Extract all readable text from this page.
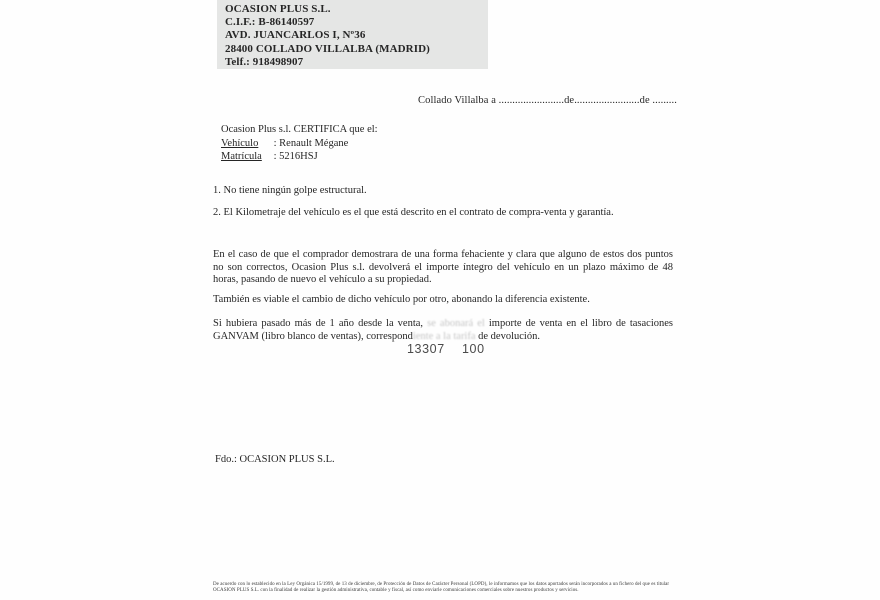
OCASION PLUS S.L.
C.I.F.: B-86140597
AVD. JUANCARLOS I, Nº36
28400 COLLADO VILLALBA (MADRID)
Telf.: 918498907
Collado Villalba a ........................de........................de .........
Ocasion Plus s.l. CERTIFICA que el:
Vehículo : Renault Mégane
Matrícula : 5216HSJ
1. No tiene ningún golpe estructural.
2. El Kilometraje del vehículo es el que está descrito en el contrato de compra-venta y garantía.
En el caso de que el comprador demostrara de una forma fehaciente y clara que alguno de estos dos puntos no son correctos, Ocasion Plus s.l. devolverá el importe íntegro del vehículo en un plazo máximo de 48 horas, pasando de nuevo el vehículo a su propiedad.
También es viable el cambio de dicho vehículo por otro, abonando la diferencia existente.
Si hubiera pasado más de 1 año desde la venta, se abonará el importe de venta en el libro de tasaciones GANVAM (libro blanco de ventas), correspondiente a la tarifa de devolución.
Fdo.: OCASION PLUS S.L.
De acuerdo con lo establecido en la Ley Orgánica 15/1999, de 13 de diciembre, de Protección de Datos de Carácter Personal (LOPD), le informamos que los datos aportados serán incorporados a un fichero del que es titular
OCASION PLUS S.L. con la finalidad de realizar la gestión administrativa, contable y fiscal, así como enviarle comunicaciones comerciales sobre nuestros productos y servicios.
13307 100
